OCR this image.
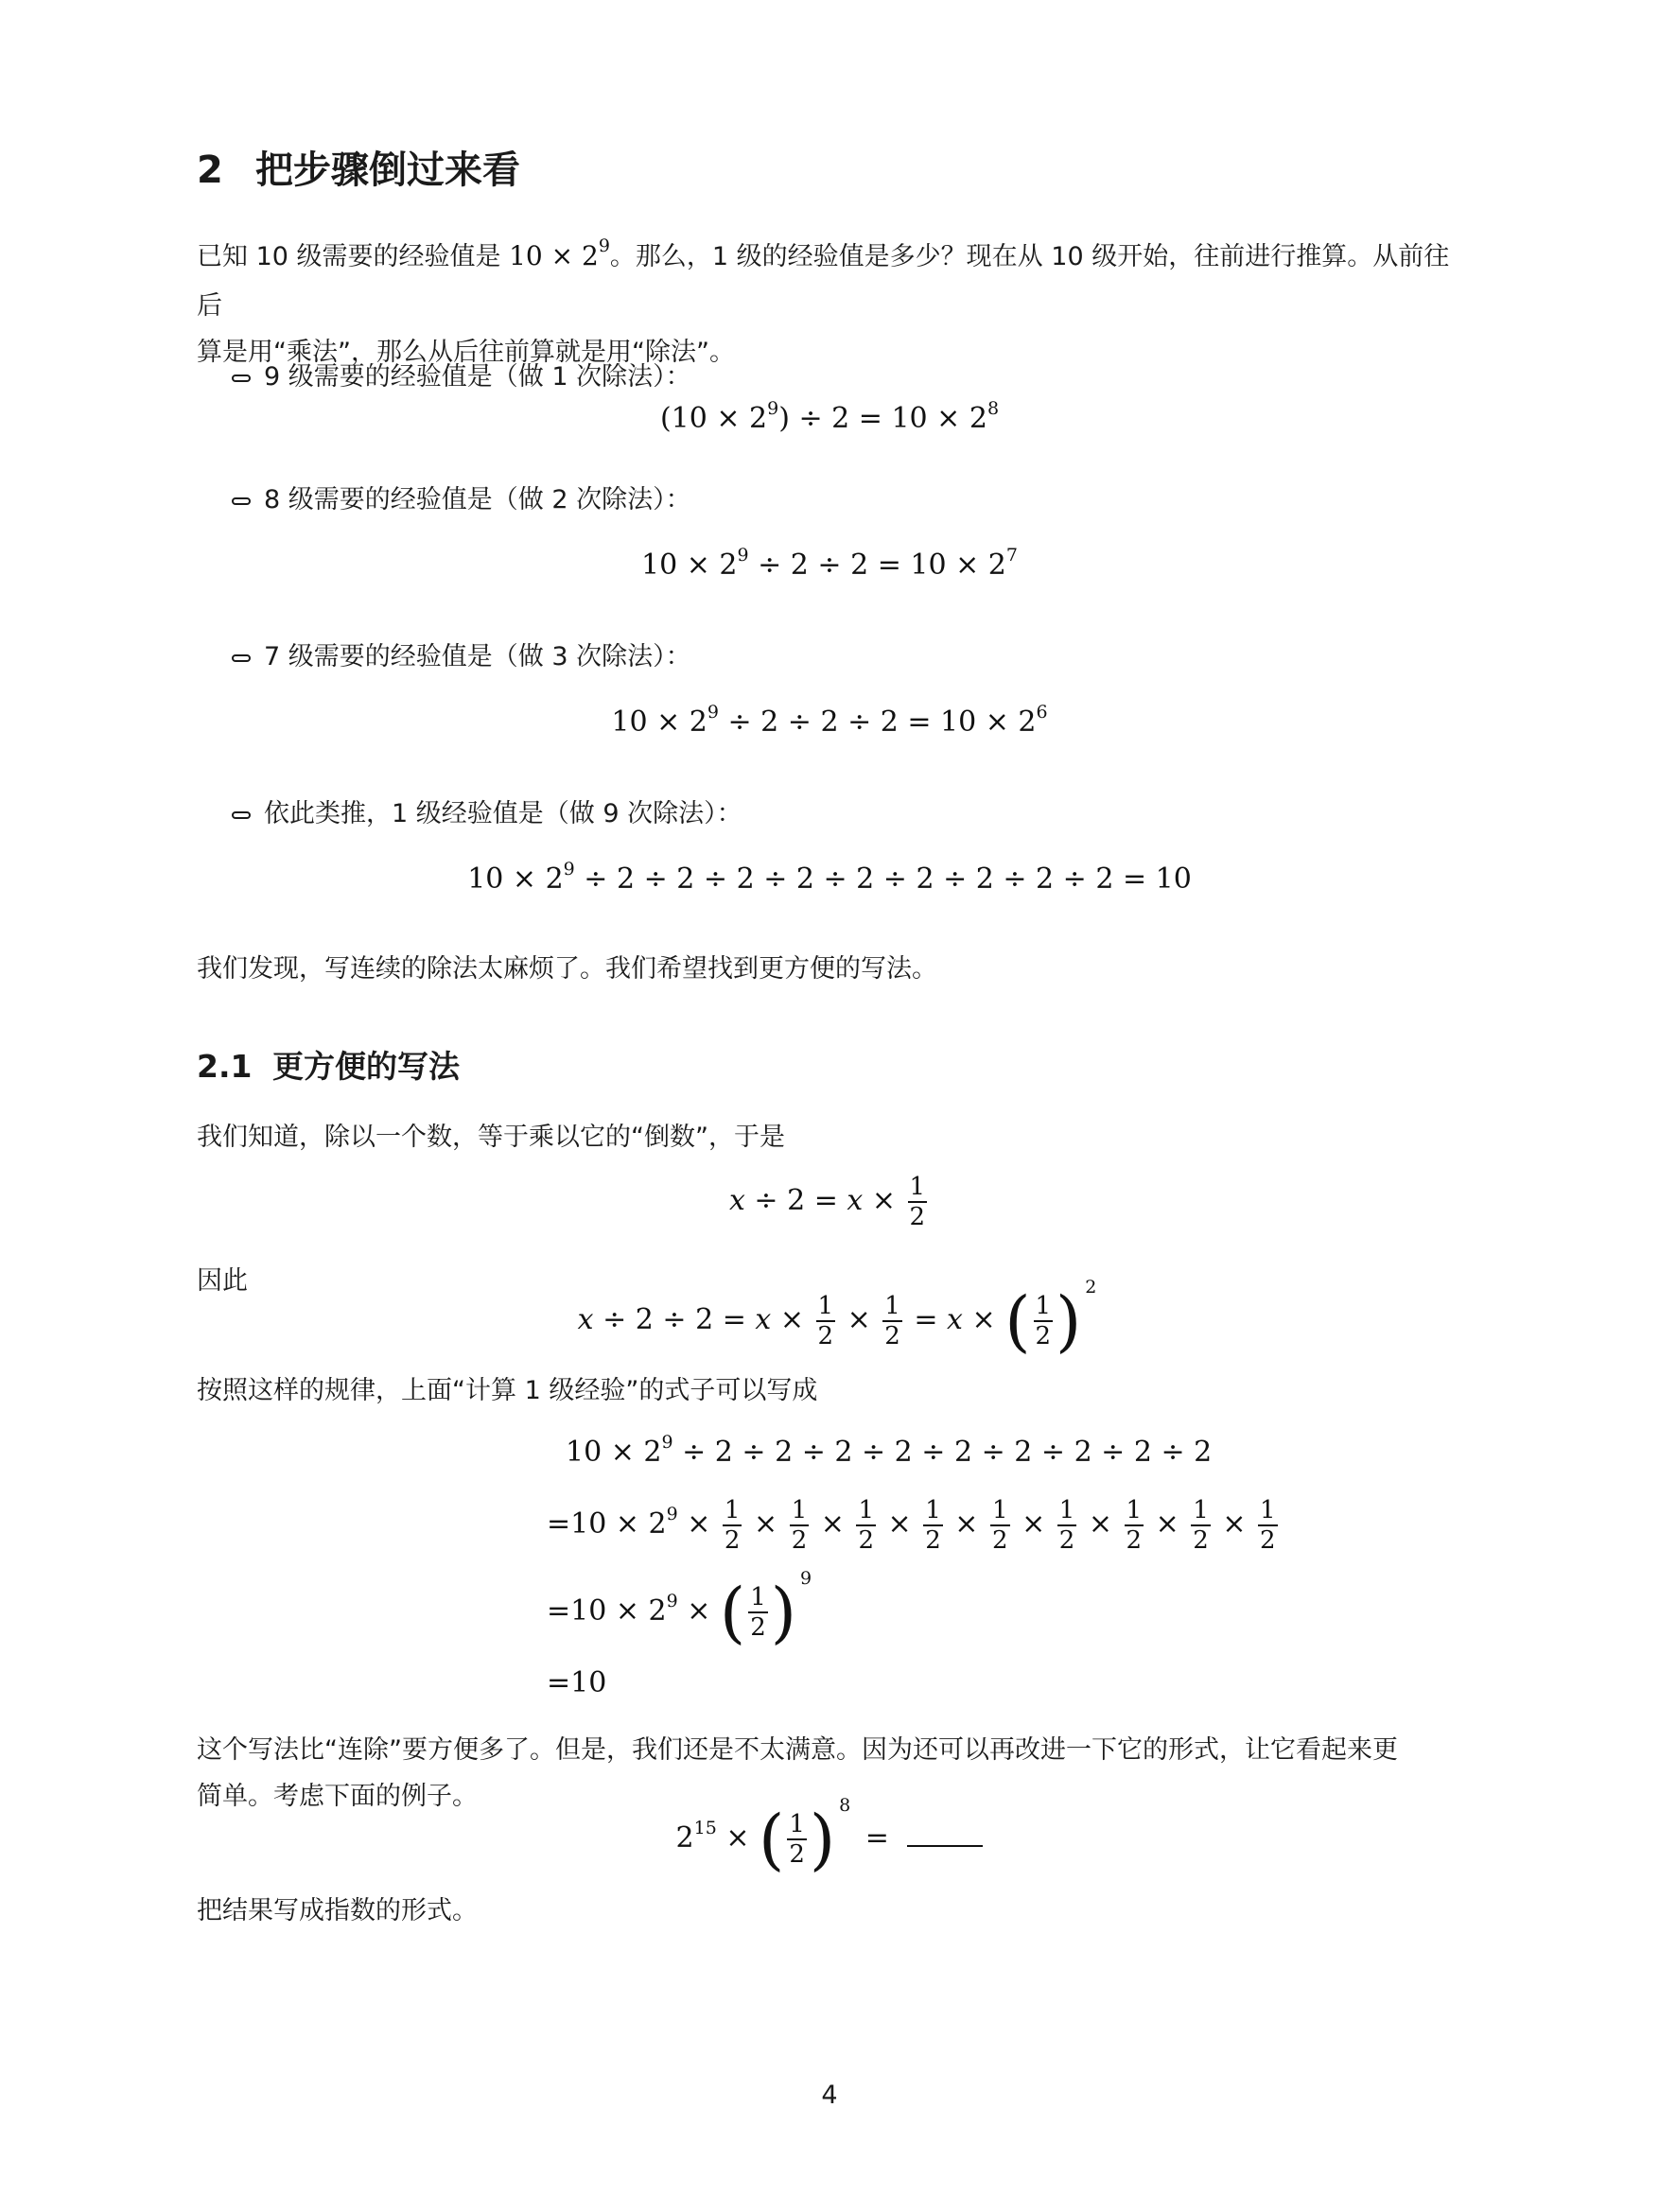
2 把步骤倒过来看
已知 10 级需要的经验值是 $10 \times 2^9$。那么，1 级的经验值是多少？现在从 10 级开始，往前进行推算。从前往后
算是用“乘法”，那么从后往前算就是用“除法”。
9 级需要的经验值是（做 1 次除法）：
$(10 \times 2^9) \div 2 = 10 \times 2^8$
8 级需要的经验值是（做 2 次除法）：
$10 \times 2^9 \div 2 \div 2 = 10 \times 2^7$
7 级需要的经验值是（做 3 次除法）：
$10 \times 2^9 \div 2 \div 2 \div 2 = 10 \times 2^6$
依此类推，1 级经验值是（做 9 次除法）：
$10 \times 2^9 \div 2 \div 2 \div 2 \div 2 \div 2 \div 2 \div 2 \div 2 \div 2 = 10$
我们发现，写连续的除法太麻烦了。我们希望找到更方便的写法。
2.1 更方便的写法
我们知道，除以一个数，等于乘以它的“倒数”，于是
$x \div 2 = x \times \frac{1}{2}$
因此
$x \div 2 \div 2 = x \times \frac{1}{2} \times \frac{1}{2} = x$ × ( $\frac{1}{2}$ ) 2
按照这样的规律，上面“计算 1 级经验”的式子可以写成
$10 \times 2^9 \div 2 \div 2 \div 2 \div 2 \div 2 \div 2 \div 2 \div 2 \div 2$
$=10 \times 2^9 \times \frac{1}{2} \times \frac{1}{2} \times \frac{1}{2} \times \frac{1}{2} \times \frac{1}{2} \times \frac{1}{2} \times \frac{1}{2} \times \frac{1}{2} \times \frac{1}{2}$
$=10 \times 2^9$ × ( $\frac{1}{2}$ ) 9
=10
这个写法比“连除”要方便多了。但是，我们还是不太满意。因为还可以再改进一下它的形式，让它看起来更
简单。考虑下面的例子。
$2^{15}$ × ( $\frac{1}{2}$ ) 8
=
把结果写成指数的形式。
4
